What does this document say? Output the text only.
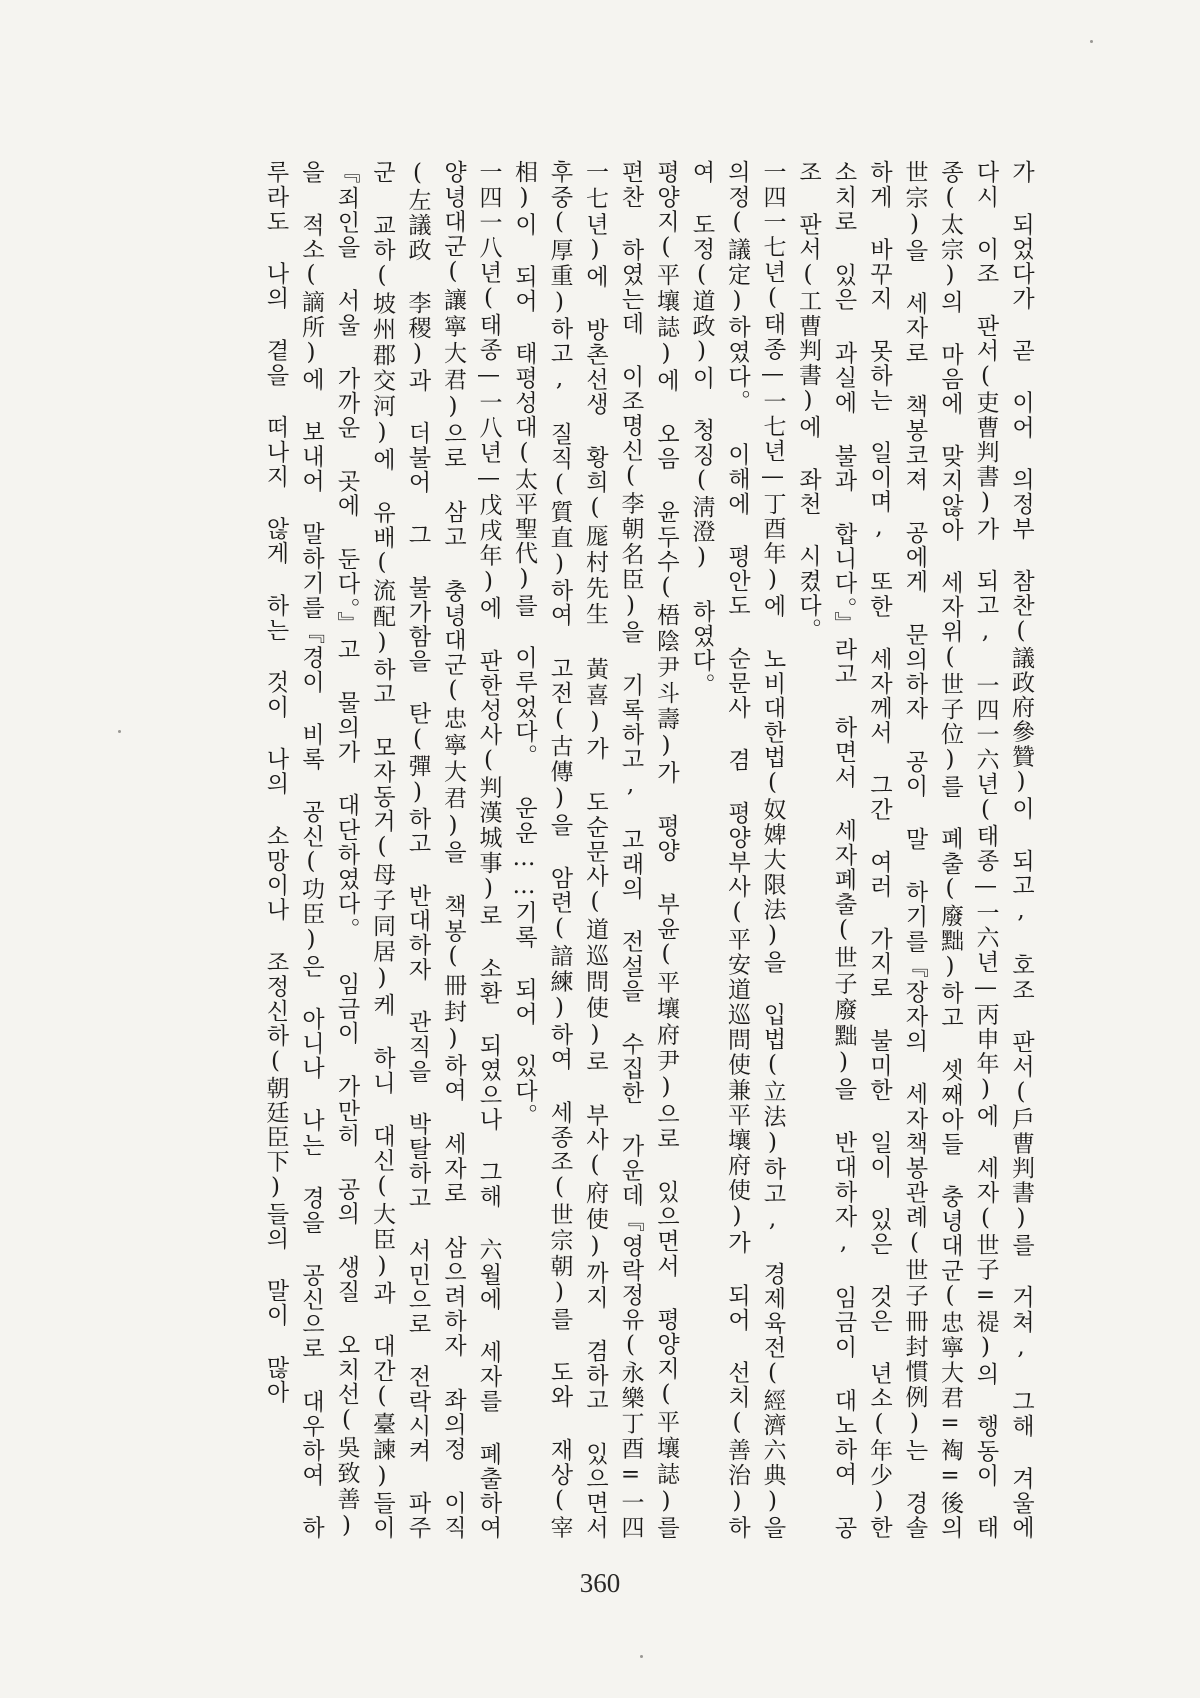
가 되었다가 곧 이어 의정부 참찬(議政府參贊)이 되고, 호조 판서(戶曹判書)를 거쳐, 그해 겨울에 다시 이조 판서(吏曹判書)가 되고, 一四一六년(태종—一六년—丙申年)에 세자(世子=禔)의 행동이 태종(太宗)의 마음에 맞지않아 세자위(世子位)를 폐출(廢黜)하고 셋째아들 충녕대군(忠寧大君=裪=後의 世宗)을 세자로 책봉코져 공에게 문의하자 공이 말 하기를『장자의 세자책봉관례(世子冊封慣例)는 경솔하게 바꾸지 못하는 일이며, 또한 세자께서 그간 여러 가지로 불미한 일이 있은 것은 년소(年少)한 소치로 있은 과실에 불과 합니다。』라고 하면서 세자폐출(世子廢黜)을 반대하자, 임금이 대노하여 공조 판서(工曹判書)에 좌천 시켰다。

一四一七년(태종—一七년—丁酉年)에 노비대한법(奴婢大限法)을 입법(立法)하고, 경제육전(經濟六典)을 의정(議定)하였다。 이해에 평안도 순문사 겸 평양부사(平安道巡問使兼平壤府使)가 되어 선치(善治)하여 도정(道政)이 청징(淸澄) 하였다。

평양지(平壤誌)에 오음 윤두수(梧陰尹斗壽)가 평양 부윤(平壤府尹)으로 있으면서 평양지(平壤誌)를 편찬 하였는데 이조명신(李朝名臣)을 기록하고, 고래의 전설을 수집한 가운데『영락정유(永樂丁酉=一四一七년)에 방촌선생 황희(厖村先生 黃喜)가 도순문사(道巡問使)로 부사(府使)까지 겸하고 있으면서 후중(厚重)하고, 질직(質直)하여 고전(古傳)을 암련(諳練)하여 세종조(世宗朝)를 도와 재상(宰相)이 되어 태평성대(太平聖代)를 이루었다。 운운……기록 되어 있다。

一四一八년(태종—一八년—戊戌年)에 판한성사(判漢城事)로 소환 되였으나 그해 六월에 세자를 폐출하여 양녕대군(讓寧大君)으로 삼고 충녕대군(忠寧大君)을 책봉(冊封)하여 세자로 삼으려하자 좌의정 이직(左議政 李稷)과 더불어 그 불가함을 탄(彈)하고 반대하자 관직을 박탈하고 서민으로 전락시켜 파주군 교하(坡州郡交河)에 유배(流配)하고 모자동거(母子同居)케 하니 대신(大臣)과 대간(臺諫)들이『죄인을 서울 가까운 곳에 둔다。』고 물의가 대단하였다。 임금이 가만히 공의 생질 오치선(吳致善)을 적소(謫所)에 보내어 말하기를『경이 비록 공신(功臣)은 아니나 나는 경을 공신으로 대우하여 하루라도 나의 곁을 떠나지 않게 하는 것이 나의 소망이나 조정신하(朝廷臣下)들의 말이 많아

360
